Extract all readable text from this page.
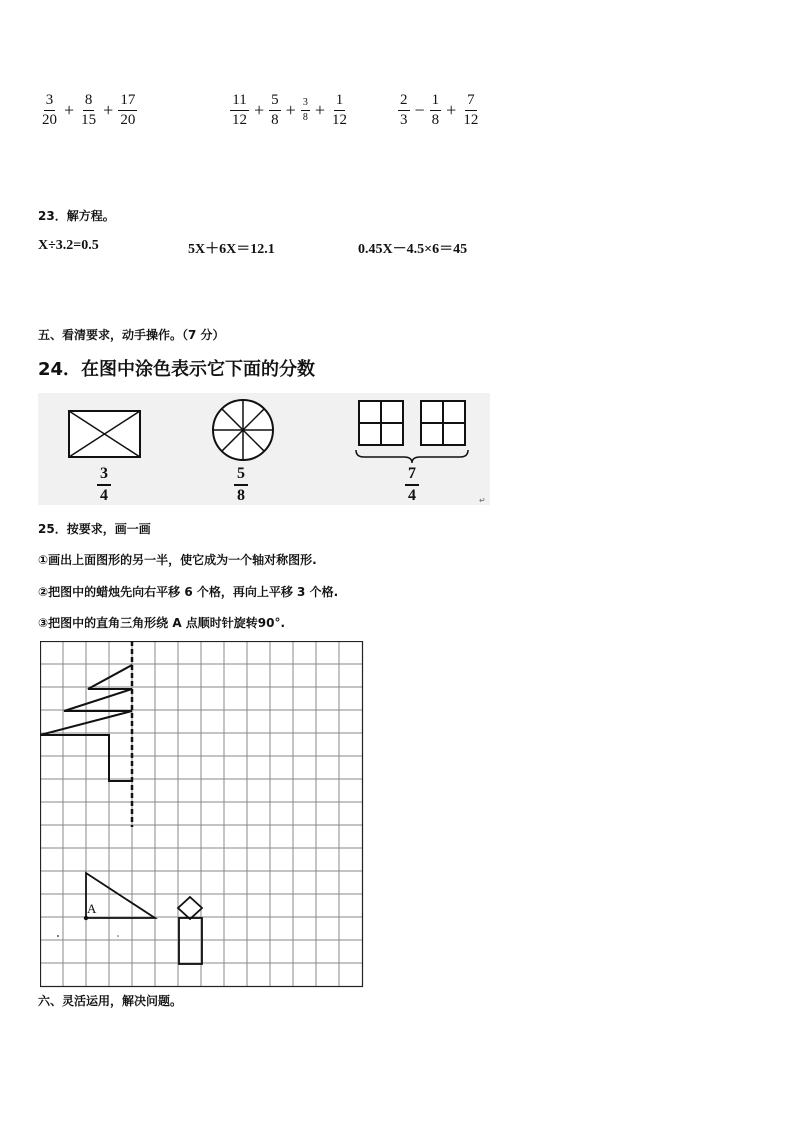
$\frac{3}{20} + \frac{8}{15} + \frac{17}{20}$	$\frac{11}{12} + \frac{5}{8} + \frac{3}{8} + \frac{1}{12}$	$\frac{2}{3} - \frac{1}{8} + \frac{7}{12}$
23．解方程。
X÷3.2=0.5	5X＋6X＝12.1	0.45X－4.5×6＝45
五、看清要求，动手操作。（7 分）
24．在图中涂色表示它下面的分数
↵
$\frac{3}{4}$	$\frac{5}{8}$	$\frac{7}{4}$
25．按要求，画一画
①画出上面图形的另一半，使它成为一个轴对称图形.
②把图中的蜡烛先向右平移 6 个格，再向上平移 3 个格.
③把图中的直角三角形绕 A 点顺时针旋转90°.
A
六、灵活运用，解决问题。
